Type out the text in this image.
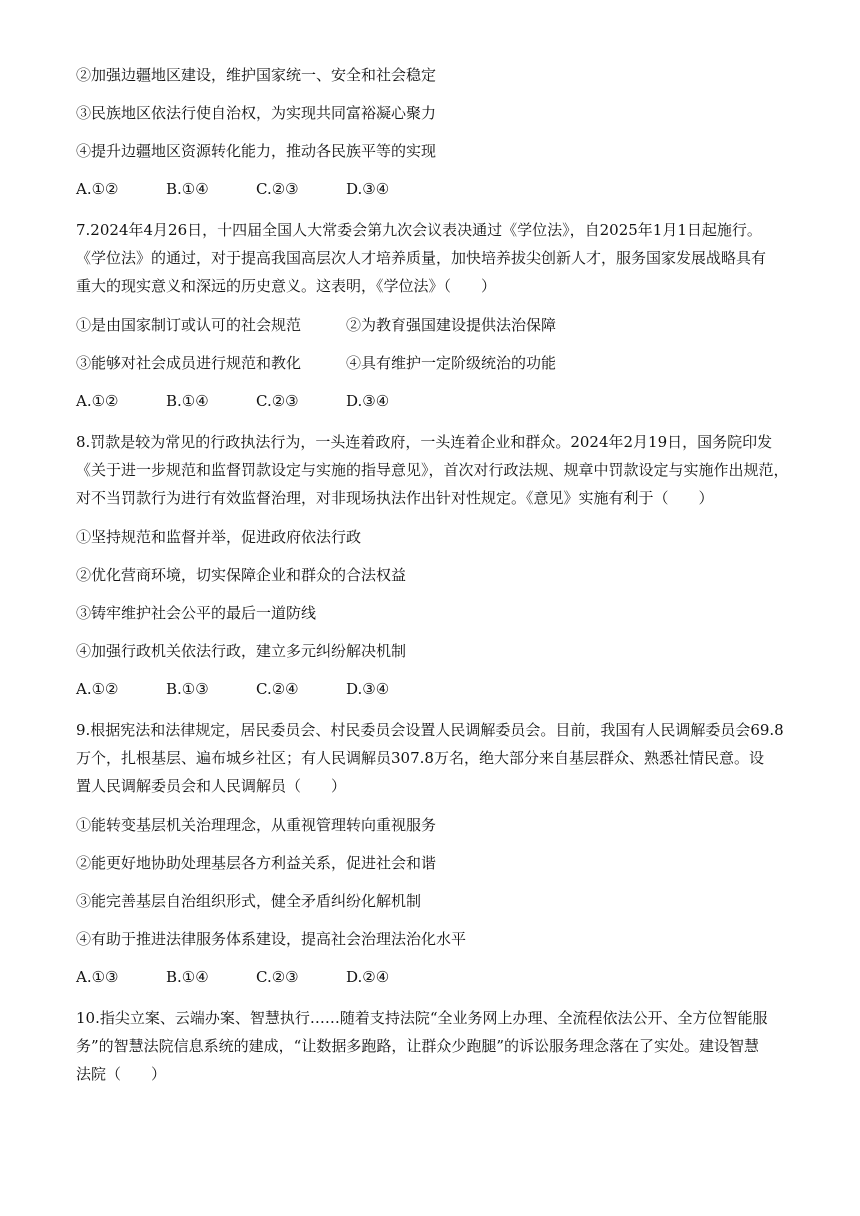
②加强边疆地区建设，维护国家统一、安全和社会稳定

③民族地区依法行使自治权，为实现共同富裕凝心聚力

④提升边疆地区资源转化能力，推动各民族平等的实现

A.①②	B.①④	C.②③	D.③④

7.2024年4月26日，十四届全国人大常委会第九次会议表决通过《学位法》，自2025年1月1日起施行。

《学位法》的通过，对于提高我国高层次人才培养质量，加快培养拔尖创新人才，服务国家发展战略具有

重大的现实意义和深远的历史意义。这表明，《学位法》（　　）

①是由国家制订或认可的社会规范	②为教育强国建设提供法治保障
③能够对社会成员进行规范和教化	④具有维护一定阶级统治的功能
A.①②	B.①④	C.②③	D.③④

8.罚款是较为常见的行政执法行为，一头连着政府，一头连着企业和群众。2024年2月19日，国务院印发

《关于进一步规范和监督罚款设定与实施的指导意见》，首次对行政法规、规章中罚款设定与实施作出规范，

对不当罚款行为进行有效监督治理，对非现场执法作出针对性规定。《意见》实施有利于（　　）

①坚持规范和监督并举，促进政府依法行政

②优化营商环境，切实保障企业和群众的合法权益

③铸牢维护社会公平的最后一道防线

④加强行政机关依法行政，建立多元纠纷解决机制

A.①②	B.①③	C.②④	D.③④

9.根据宪法和法律规定，居民委员会、村民委员会设置人民调解委员会。目前，我国有人民调解委员会69.8

万个，扎根基层、遍布城乡社区；有人民调解员307.8万名，绝大部分来自基层群众、熟悉社情民意。设

置人民调解委员会和人民调解员（　　）

①能转变基层机关治理理念，从重视管理转向重视服务

②能更好地协助处理基层各方利益关系，促进社会和谐

③能完善基层自治组织形式，健全矛盾纠纷化解机制

④有助于推进法律服务体系建设，提高社会治理法治化水平

A.①③	B.①④	C.②③	D.②④

10.指尖立案、云端办案、智慧执行……随着支持法院“全业务网上办理、全流程依法公开、全方位智能服

务”的智慧法院信息系统的建成，“让数据多跑路，让群众少跑腿”的诉讼服务理念落在了实处。建设智慧

法院（　　）
